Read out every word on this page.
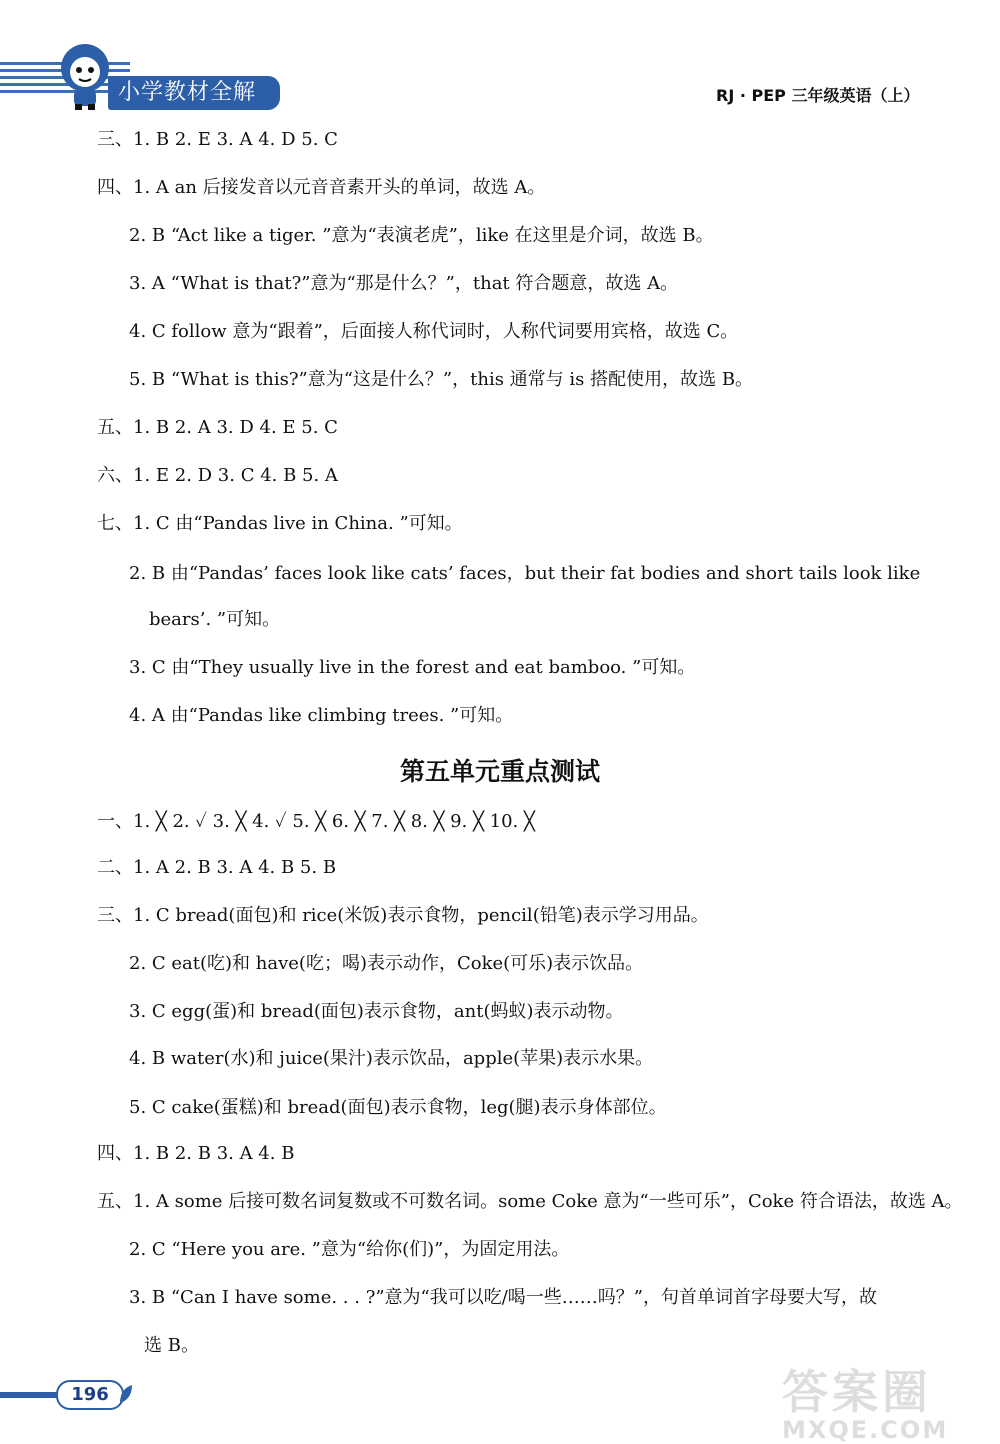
小学教材全解	RJ · PEP 三年级英语（上）
三、1. B 2. E 3. A 4. D 5. C
四、1. A an 后接发音以元音音素开头的单词，故选 A。
2. B “Act like a tiger. ”意为“表演老虎”，like 在这里是介词，故选 B。
3. A “What is that?”意为“那是什么？”，that 符合题意，故选 A。
4. C follow 意为“跟着”，后面接人称代词时，人称代词要用宾格，故选 C。
5. B “What is this?”意为“这是什么？”，this 通常与 is 搭配使用，故选 B。
五、1. B 2. A 3. D 4. E 5. C
六、1. E 2. D 3. C 4. B 5. A
七、1. C 由“Pandas live in China. ”可知。
2. B 由“Pandas’ faces look like cats’ faces，but their fat bodies and short tails look like
bears’. ”可知。
3. C 由“They usually live in the forest and eat bamboo. ”可知。
4. A 由“Pandas like climbing trees. ”可知。
第五单元重点测试
一、1. ╳ 2. ✓ 3. ╳ 4. ✓ 5. ╳ 6. ╳ 7. ╳ 8. ╳ 9. ╳ 10. ╳
二、1. A 2. B 3. A 4. B 5. B
三、1. C bread(面包)和 rice(米饭)表示食物，pencil(铅笔)表示学习用品。
2. C eat(吃)和 have(吃；喝)表示动作，Coke(可乐)表示饮品。
3. C egg(蛋)和 bread(面包)表示食物，ant(蚂蚁)表示动物。
4. B water(水)和 juice(果汁)表示饮品，apple(苹果)表示水果。
5. C cake(蛋糕)和 bread(面包)表示食物，leg(腿)表示身体部位。
四、1. B 2. B 3. A 4. B
五、1. A some 后接可数名词复数或不可数名词。some Coke 意为“一些可乐”，Coke 符合语法，故选 A。
2. C “Here you are. ”意为“给你(们)”，为固定用法。
3. B “Can I have some. . . ?”意为“我可以吃/喝一些……吗？”，句首单词首字母要大写，故
选 B。
196	答案圈
MXQE.COM
